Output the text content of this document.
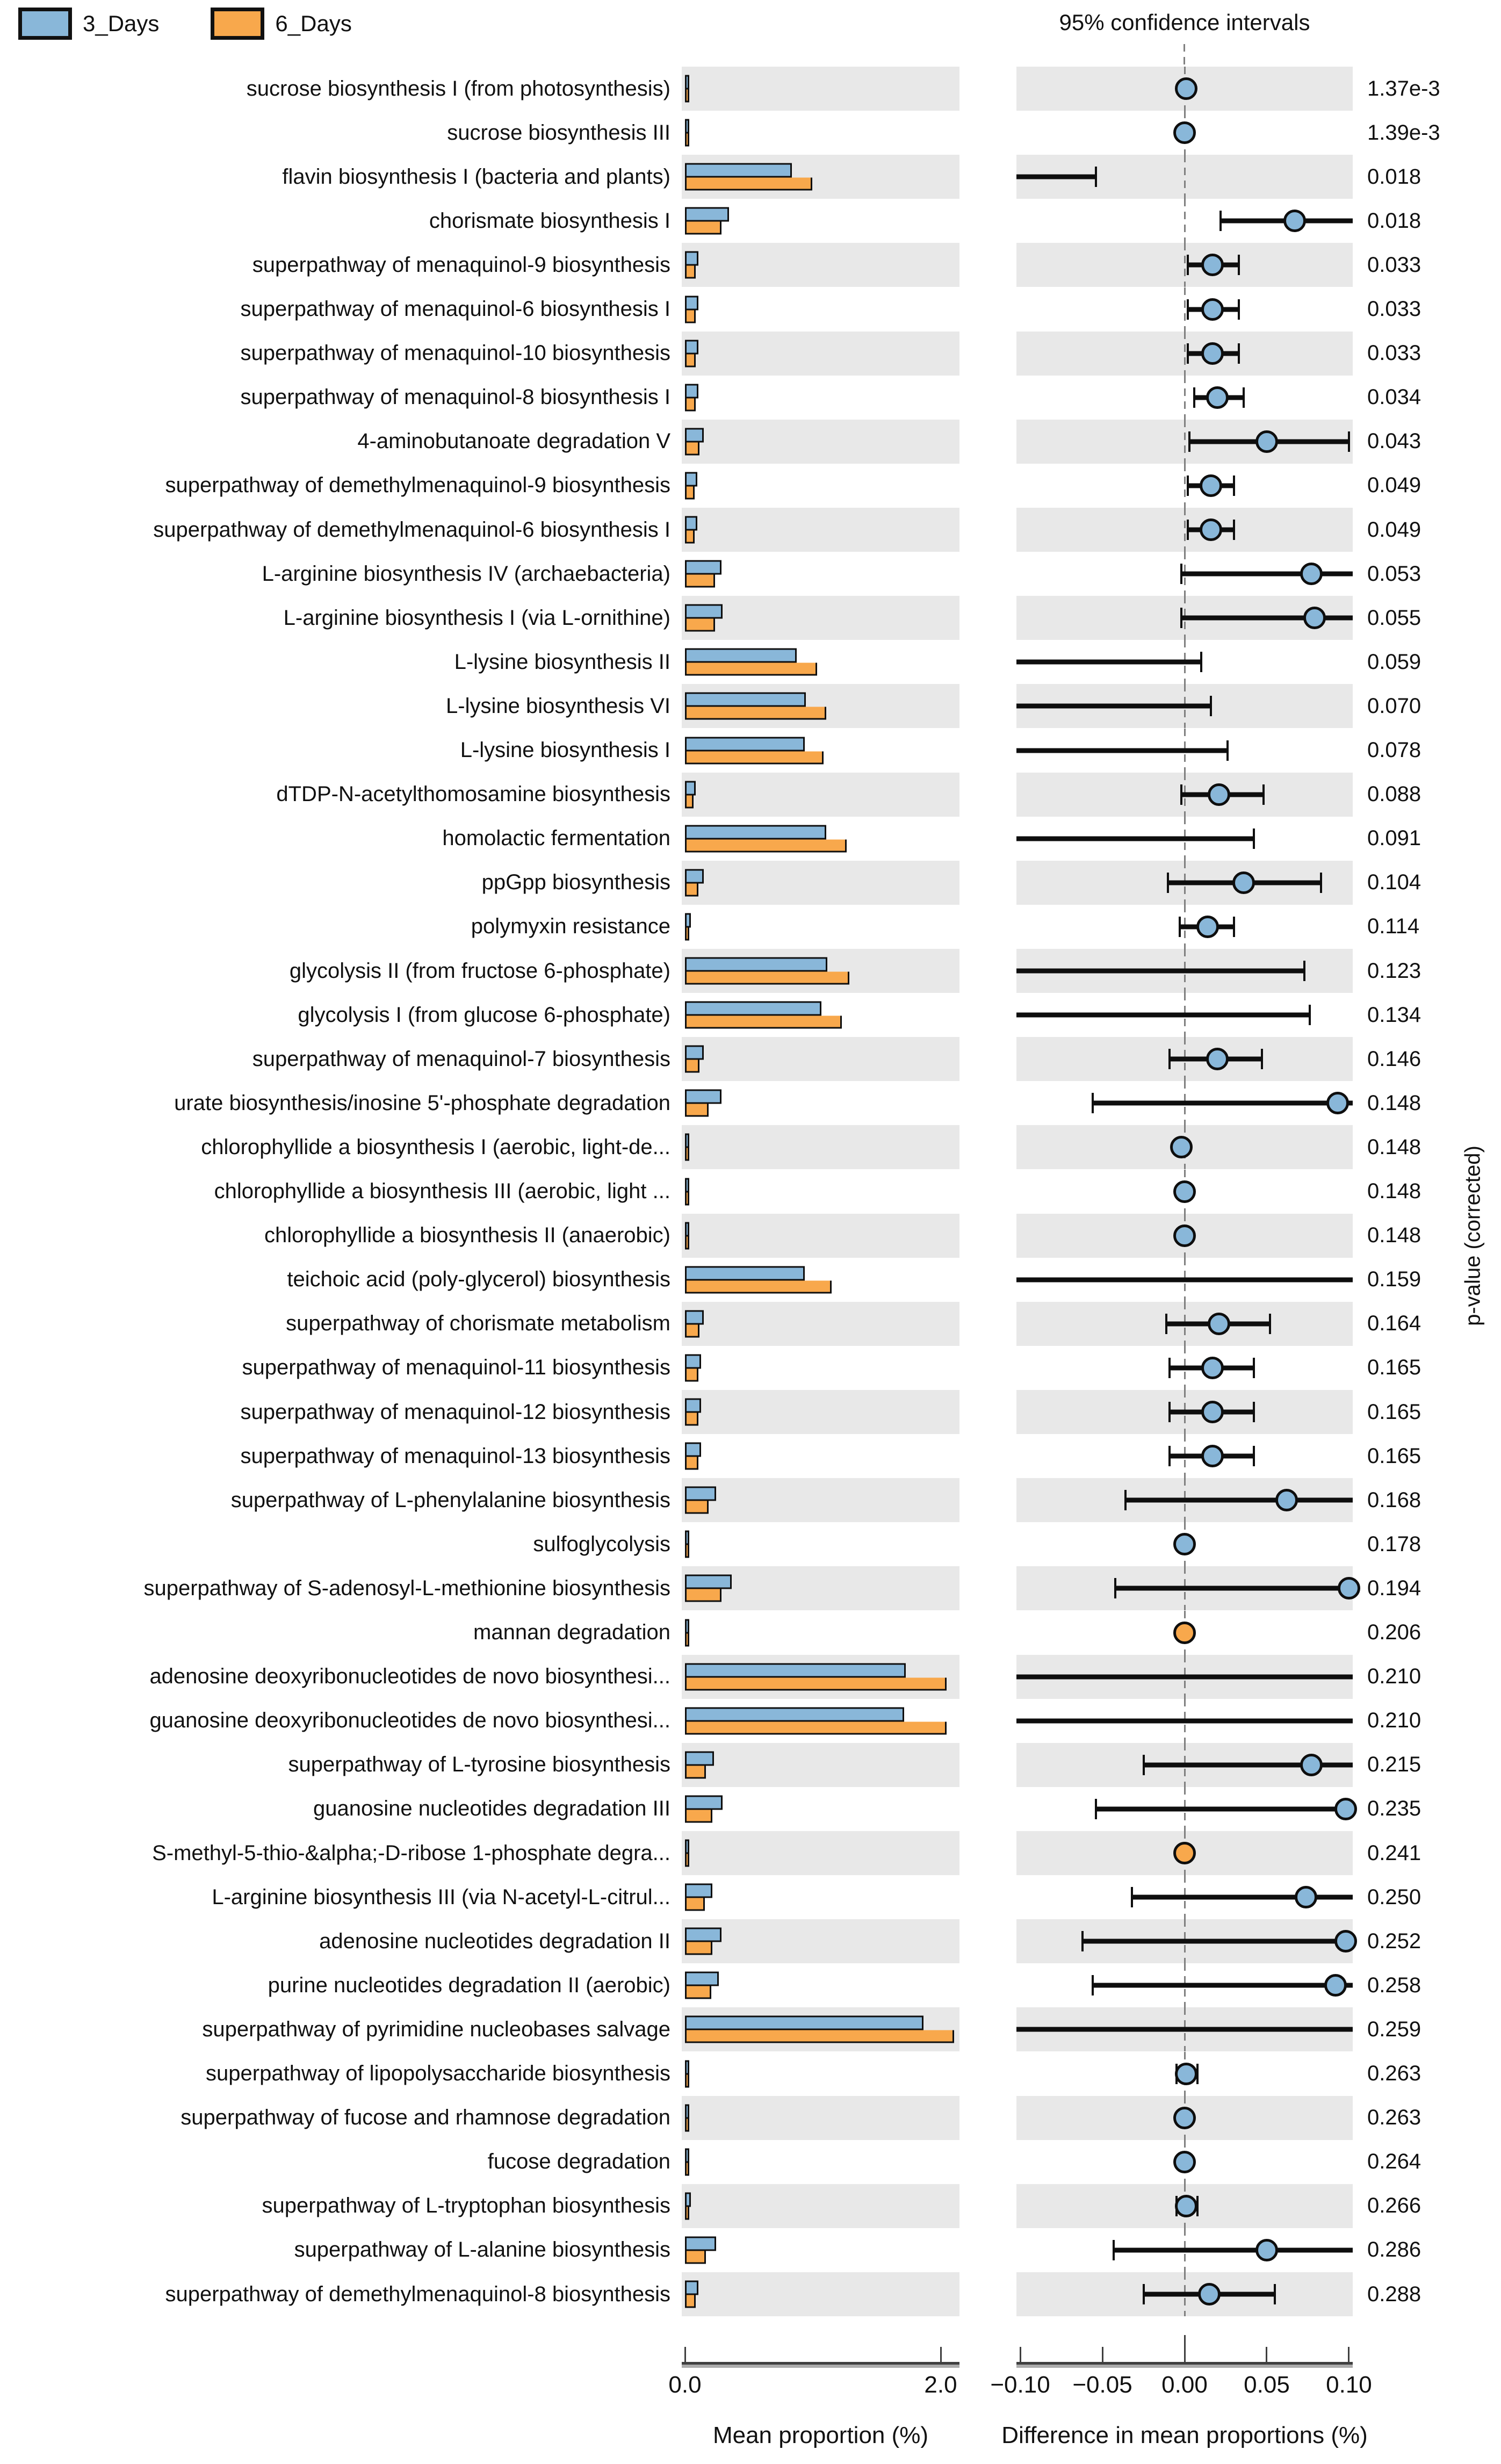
3_Days	6_Days	95% confidence intervals
sucrose biosynthesis I (from photosynthesis)	1.37e-3
sucrose biosynthesis III	1.39e-3
flavin biosynthesis I (bacteria and plants)	0.018
chorismate biosynthesis I	0.018
superpathway of menaquinol-9 biosynthesis	0.033
superpathway of menaquinol-6 biosynthesis I	0.033
superpathway of menaquinol-10 biosynthesis	0.033
superpathway of menaquinol-8 biosynthesis I	0.034
4-aminobutanoate degradation V	0.043
superpathway of demethylmenaquinol-9 biosynthesis	0.049
superpathway of demethylmenaquinol-6 biosynthesis I	0.049
L-arginine biosynthesis IV (archaebacteria)	0.053
L-arginine biosynthesis I (via L-ornithine)	0.055
L-lysine biosynthesis II	0.059
L-lysine biosynthesis VI	0.070
L-lysine biosynthesis I	0.078
dTDP-N-acetylthomosamine biosynthesis	0.088
homolactic fermentation	0.091
ppGpp biosynthesis	0.104
polymyxin resistance	0.114
glycolysis II (from fructose 6-phosphate)	0.123
glycolysis I (from glucose 6-phosphate)	0.134
superpathway of menaquinol-7 biosynthesis	0.146
urate biosynthesis/inosine 5'-phosphate degradation	0.148
chlorophyllide a biosynthesis I (aerobic, light-de...	0.148
chlorophyllide a biosynthesis III (aerobic, light ...	0.148
chlorophyllide a biosynthesis II (anaerobic)	0.148
teichoic acid (poly-glycerol) biosynthesis	0.159
superpathway of chorismate metabolism	0.164
superpathway of menaquinol-11 biosynthesis	0.165
superpathway of menaquinol-12 biosynthesis	0.165
superpathway of menaquinol-13 biosynthesis	0.165
superpathway of L-phenylalanine biosynthesis	0.168
sulfoglycolysis	0.178
superpathway of S-adenosyl-L-methionine biosynthesis	0.194
mannan degradation	0.206
adenosine deoxyribonucleotides de novo biosynthesi...	0.210
guanosine deoxyribonucleotides de novo biosynthesi...	0.210
superpathway of L-tyrosine biosynthesis	0.215
guanosine nucleotides degradation III	0.235
S-methyl-5-thio-&alpha;-D-ribose 1-phosphate degra...	0.241
L-arginine biosynthesis III (via N-acetyl-L-citrul...	0.250
adenosine nucleotides degradation II	0.252
purine nucleotides degradation II (aerobic)	0.258
superpathway of pyrimidine nucleobases salvage	0.259
superpathway of lipopolysaccharide biosynthesis	0.263
superpathway of fucose and rhamnose degradation	0.263
fucose degradation	0.264
superpathway of L-tryptophan biosynthesis	0.266
superpathway of L-alanine biosynthesis	0.286
superpathway of demethylmenaquinol-8 biosynthesis	0.288
Mean proportion (%)
0.0	2.0
Difference in mean proportions (%)
−0.10 −0.05 0.00 0.05 0.10
p-value (corrected)
